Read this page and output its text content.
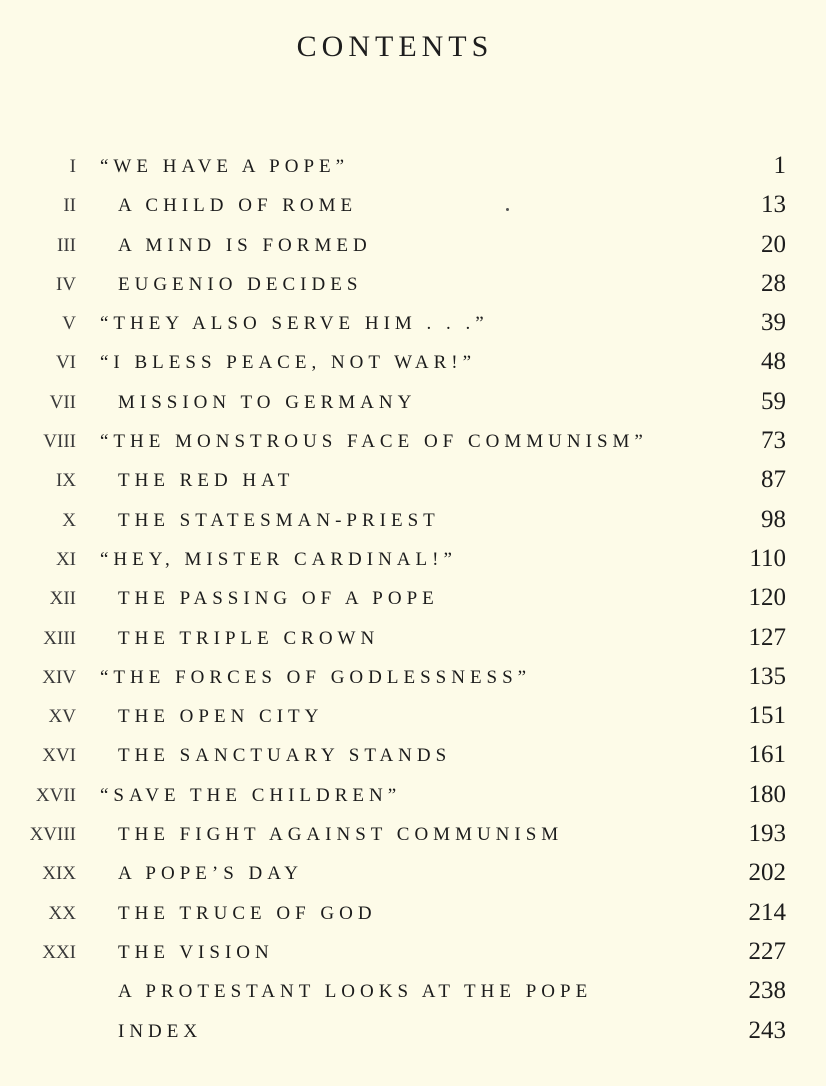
CONTENTS
I “WE HAVE A POPE”	1
II A CHILD OF ROME	13
III A MIND IS FORMED	20
IV EUGENIO DECIDES	28
V “THEY ALSO SERVE HIM . . .”	39
VI “I BLESS PEACE, NOT WAR!”	48
VII MISSION TO GERMANY	59
VIII “THE MONSTROUS FACE OF COMMUNISM”	73
IX THE RED HAT	87
X THE STATESMAN-PRIEST	98
XI “HEY, MISTER CARDINAL!”	110
XII THE PASSING OF A POPE	120
XIII THE TRIPLE CROWN	127
XIV “THE FORCES OF GODLESSNESS”	135
XV THE OPEN CITY	151
XVI THE SANCTUARY STANDS	161
XVII “SAVE THE CHILDREN”	180
XVIII THE FIGHT AGAINST COMMUNISM	193
XIX A POPE’S DAY	202
XX THE TRUCE OF GOD	214
XXI THE VISION	227
A PROTESTANT LOOKS AT THE POPE	238
INDEX	243
